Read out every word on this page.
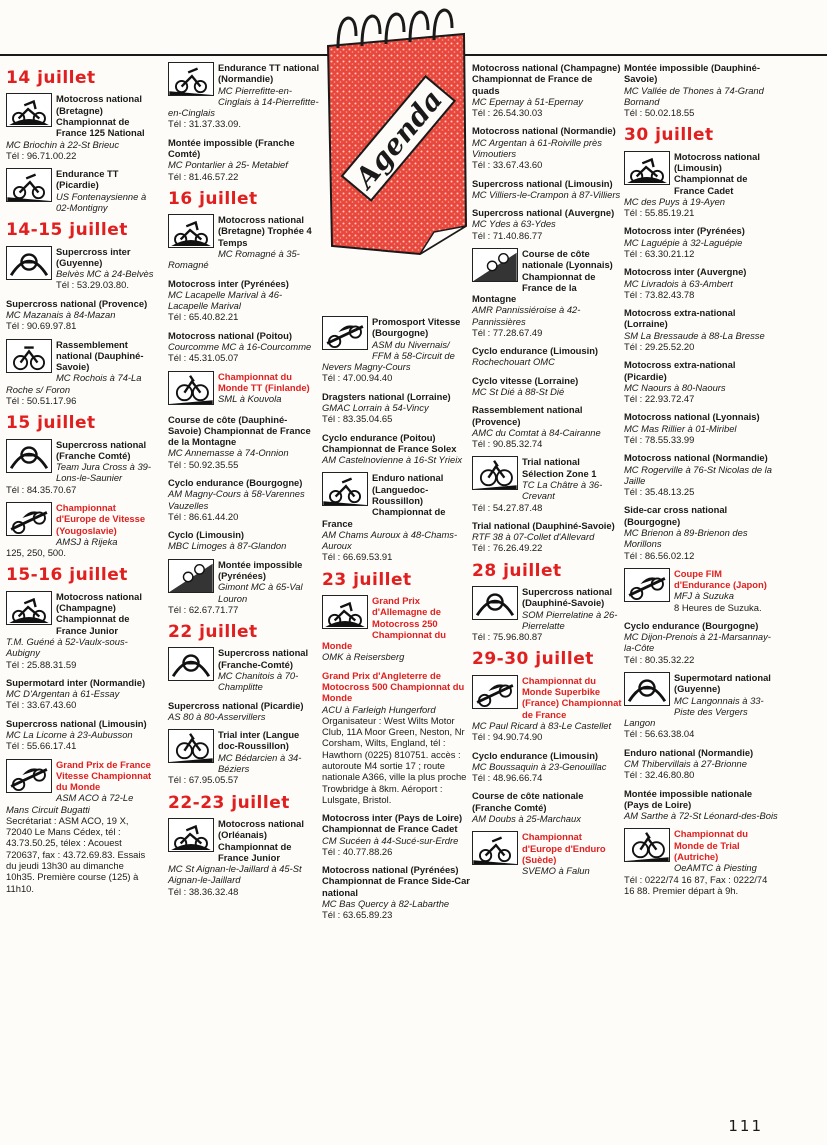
Agenda
14 juillet
Motocross national (Bretagne) Championnat de France 125 National
MC Briochin à 22-St Brieuc
Tél : 96.71.00.22
Endurance TT (Picardie)
US Fontenaysienne à 02-Montigny
14-15 juillet
Supercross inter (Guyenne)
Belvès MC à 24-Belvès
Tél : 53.29.03.80.
Supercross national (Provence)
MC Mazanais à 84-Mazan
Tél : 90.69.97.81
Rassemblement national (Dauphiné-Savoie)
MC Rochois à 74-La Roche s/ Foron
Tél : 50.51.17.96
15 juillet
Supercross national (Franche Comté)
Team Jura Cross à 39-Lons-le-Saunier
Tél : 84.35.70.67
Championnat d'Europe de Vitesse (Yougoslavie)
AMSJ à Rijeka
125, 250, 500.
15-16 juillet
Motocross national (Champagne) Championnat de France Junior
T.M. Guéné à 52-Vaulx-sous-Aubigny
Tél : 25.88.31.59
Supermotard inter (Normandie)
MC D'Argentan à 61-Essay
Tél : 33.67.43.60
Supercross national (Limousin)
MC La Licorne à 23-Aubusson
Tél : 55.66.17.41
Grand Prix de France Vitesse Championnat du Monde
ASM ACO à 72-Le Mans Circuit Bugatti
Secrétariat : ASM ACO, 19 X, 72040 Le Mans Cédex, tél : 43.73.50.25, télex : Acouest 720637, fax : 43.72.69.83. Essais du jeudi 13h30 au dimanche 10h35. Première course (125) à 11h10.
Endurance TT national (Normandie)
MC Pierrefitte-en-Cinglais à 14-Pierrefitte-en-Cinglais
Tél : 31.37.33.09.
Montée impossible (Franche Comté)
MC Pontarlier à 25- Metabief
Tél : 81.46.57.22
16 juillet
Motocross national (Bretagne) Trophée 4 Temps
MC Romagné à 35-Romagné
Motocross inter (Pyrénées)
MC Lacapelle Marival à 46-Lacapelle Marival
Tél : 65.40.82.21
Motocross national (Poitou)
Courcomme MC à 16-Courcomme
Tél : 45.31.05.07
Championnat du Monde TT (Finlande)
SML à Kouvola
Course de côte (Dauphiné-Savoie) Championnat de France de la Montagne
MC Annemasse à 74-Onnion
Tél : 50.92.35.55
Cyclo endurance (Bourgogne)
AM Magny-Cours à 58-Varennes Vauzelles
Tél : 86.61.44.20
Cyclo (Limousin)
MBC Limoges à 87-Glandon
Montée impossible (Pyrénées)
Gimont MC à 65-Val Louron
Tél : 62.67.71.77
22 juillet
Supercross national (Franche-Comté)
MC Chanitois à 70-Champlitte
Supercross national (Picardie)
AS 80 à 80-Asservillers
Trial inter (Langue doc-Roussillon)
MC Bédarcien à 34-Béziers
Tél : 67.95.05.57
22-23 juillet
Motocross national (Orléanais) Championnat de France Junior
MC St Aignan-le-Jaillard à 45-St Aignan-le-Jaillard
Tél : 38.36.32.48
Promosport Vitesse (Bourgogne)
ASM du Nivernais/ FFM à 58-Circuit de Nevers Magny-Cours
Tél : 47.00.94.40
Dragsters national (Lorraine)
GMAC Lorrain à 54-Vincy
Tél : 83.35.04.65
Cyclo endurance (Poitou) Championnat de France Solex
AM Castelnovienne à 16-St Yrieix
Enduro national (Languedoc-Roussillon) Championnat de France
AM Chams Auroux à 48-Chams-Auroux
Tél : 66.69.53.91
23 juillet
Grand Prix d'Allemagne de Motocross 250 Championnat du Monde
OMK à Reisersberg
Grand Prix d'Angleterre de Motocross 500 Championnat du Monde
ACU à Farleigh Hungerford
Organisateur : West Wilts Motor Club, 11A Moor Green, Neston, Nr Corsham, Wilts, England, tél : Hawthorn (0225) 810751. accès : autoroute M4 sortie 17 ; route nationale A366, ville la plus proche Trowbridge à 8km. Aéroport : Lulsgate, Bristol.
Motocross inter (Pays de Loire) Championnat de France Cadet
CM Sucéen à 44-Sucé-sur-Erdre
Tél : 40.77.88.26
Motocross national (Pyrénées) Championnat de France Side-Car national
MC Bas Quercy à 82-Labarthe
Tél : 63.65.89.23
Motocross national (Champagne) Championnat de France de quads
MC Epernay à 51-Epernay
Tél : 26.54.30.03
Motocross national (Normandie)
MC Argentan à 61-Roiville près Vimoutiers
Tél : 33.67.43.60
Supercross national (Limousin)
MC Villiers-le-Crampon à 87-Villiers
Supercross national (Auvergne)
MC Ydes à 63-Ydes
Tél : 71.40.86.77
Course de côte nationale (Lyonnais) Championnat de France de la Montagne
AMR Pannissiéroise à 42-Pannissières
Tél : 77.28.67.49
Cyclo endurance (Limousin)
Rochechouart OMC
Cyclo vitesse (Lorraine)
MC St Dié à 88-St Dié
Rassemblement national (Provence)
AMC du Comtat à 84-Cairanne
Tél : 90.85.32.74
Trial national Sélection Zone 1
TC La Châtre à 36-Crevant
Tél : 54.27.87.48
Trial national (Dauphiné-Savoie)
RTF 38 à 07-Collet d'Allevard
Tél : 76.26.49.22
28 juillet
Supercross national (Dauphiné-Savoie)
SOM Pierrelatine à 26-Pierrelatte
Tél : 75.96.80.87
29-30 juillet
Championnat du Monde Superbike (France) Championnat de France
MC Paul Ricard à 83-Le Castellet
Tél : 94.90.74.90
Cyclo endurance (Limousin)
MC Boussaquin à 23-Genouillac
Tél : 48.96.66.74
Course de côte nationale (Franche Comté)
AM Doubs à 25-Marchaux
Championnat d'Europe d'Enduro (Suède)
SVEMO à Falun
Montée impossible (Dauphiné-Savoie)
MC Vallée de Thones à 74-Grand Bornand
Tél : 50.02.18.55
30 juillet
Motocross national (Limousin) Championnat de France Cadet
MC des Puys à 19-Ayen
Tél : 55.85.19.21
Motocross inter (Pyrénées)
MC Laguépie à 32-Laguépie
Tél : 63.30.21.12
Motocross inter (Auvergne)
MC Livradois à 63-Ambert
Tél : 73.82.43.78
Motocross extra-national (Lorraine)
SM La Bressaude à 88-La Bresse
Tél : 29.25.52.20
Motocross extra-national (Picardie)
MC Naours à 80-Naours
Tél : 22.93.72.47
Motocross national (Lyonnais)
MC Mas Rillier à 01-Miribel
Tél : 78.55.33.99
Motocross national (Normandie)
MC Rogerville à 76-St Nicolas de la Jaille
Tél : 35.48.13.25
Side-car cross national (Bourgogne)
MC Brienon à 89-Brienon des Morillons
Tél : 86.56.02.12
Coupe FIM d'Endurance (Japon)
MFJ à Suzuka
8 Heures de Suzuka.
Cyclo endurance (Bourgogne)
MC Dijon-Prenois à 21-Marsannay-la-Côte
Tél : 80.35.32.22
Supermotard national (Guyenne)
MC Langonnais à 33-Piste des Vergers Langon
Tél : 56.63.38.04
Enduro national (Normandie)
CM Thibervillais à 27-Brionne
Tél : 32.46.80.80
Montée impossible nationale (Pays de Loire)
AM Sarthe à 72-St Léonard-des-Bois
Championnat du Monde de Trial (Autriche)
OeAMTC à Piesting
Tél : 0222/74 16 87, Fax : 0222/74 16 88. Premier départ à 9h.
111
